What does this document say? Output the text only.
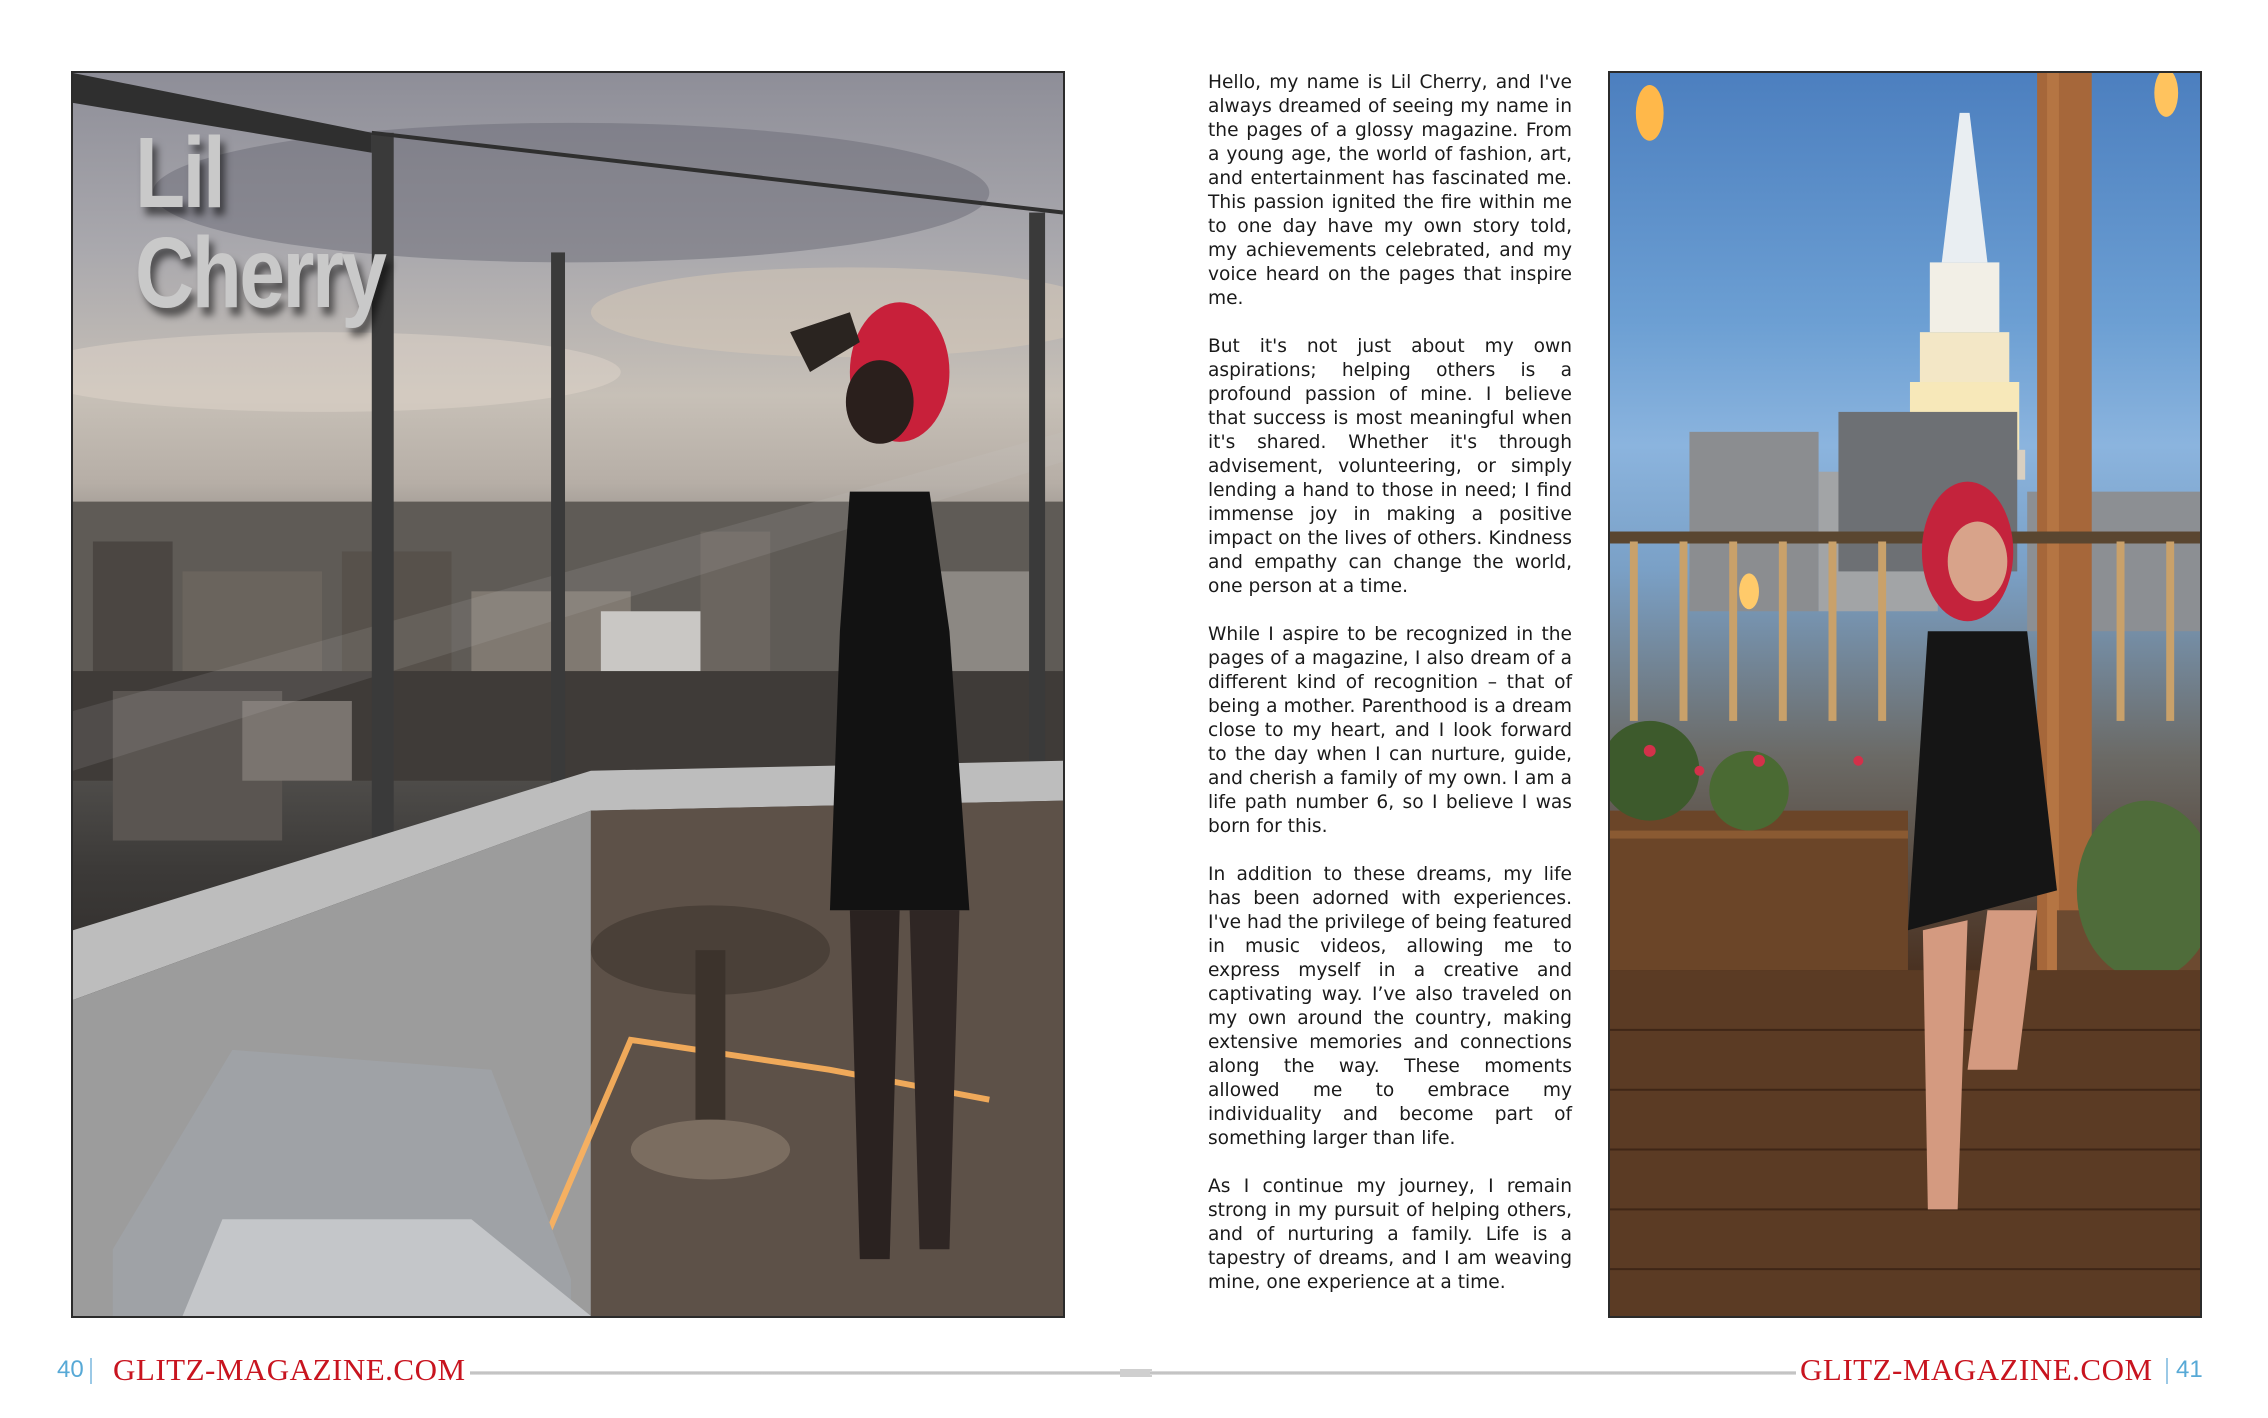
Lil
Cherry

Hello, my name is Lil Cherry, and I've always dreamed of seeing my name in the pages of a glossy magazine. From a young age, the world of fashion, art, and entertainment has fascinated me. This passion ignited the fire within me to one day have my own story told, my achievements celebrated, and my voice heard on the pages that inspire me.

But it's not just about my own aspirations; helping others is a profound passion of mine. I believe that success is most meaningful when it's shared. Whether it's through advisement, volunteering, or simply lending a hand to those in need; I find immense joy in making a positive impact on the lives of others. Kindness and empathy can change the world, one person at a time.

While I aspire to be recognized in the pages of a magazine, I also dream of a different kind of recognition – that of being a mother. Parenthood is a dream close to my heart, and I look forward to the day when I can nurture, guide, and cherish a family of my own. I am a life path number 6, so I believe I was born for this.

In addition to these dreams, my life has been adorned with experiences. I've had the privilege of being featured in music videos, allowing me to express myself in a creative and captivating way. I’ve also traveled on my own around the country, making extensive memories and connections along the way. These moments allowed me to embrace my individuality and become part of something larger than life.

As I continue my journey, I remain strong in my pursuit of helping others, and of nurturing a family. Life is a tapestry of dreams, and I am weaving mine, one experience at a time.

40 GLITZ-MAGAZINE.COM	GLITZ-MAGAZINE.COM 41
